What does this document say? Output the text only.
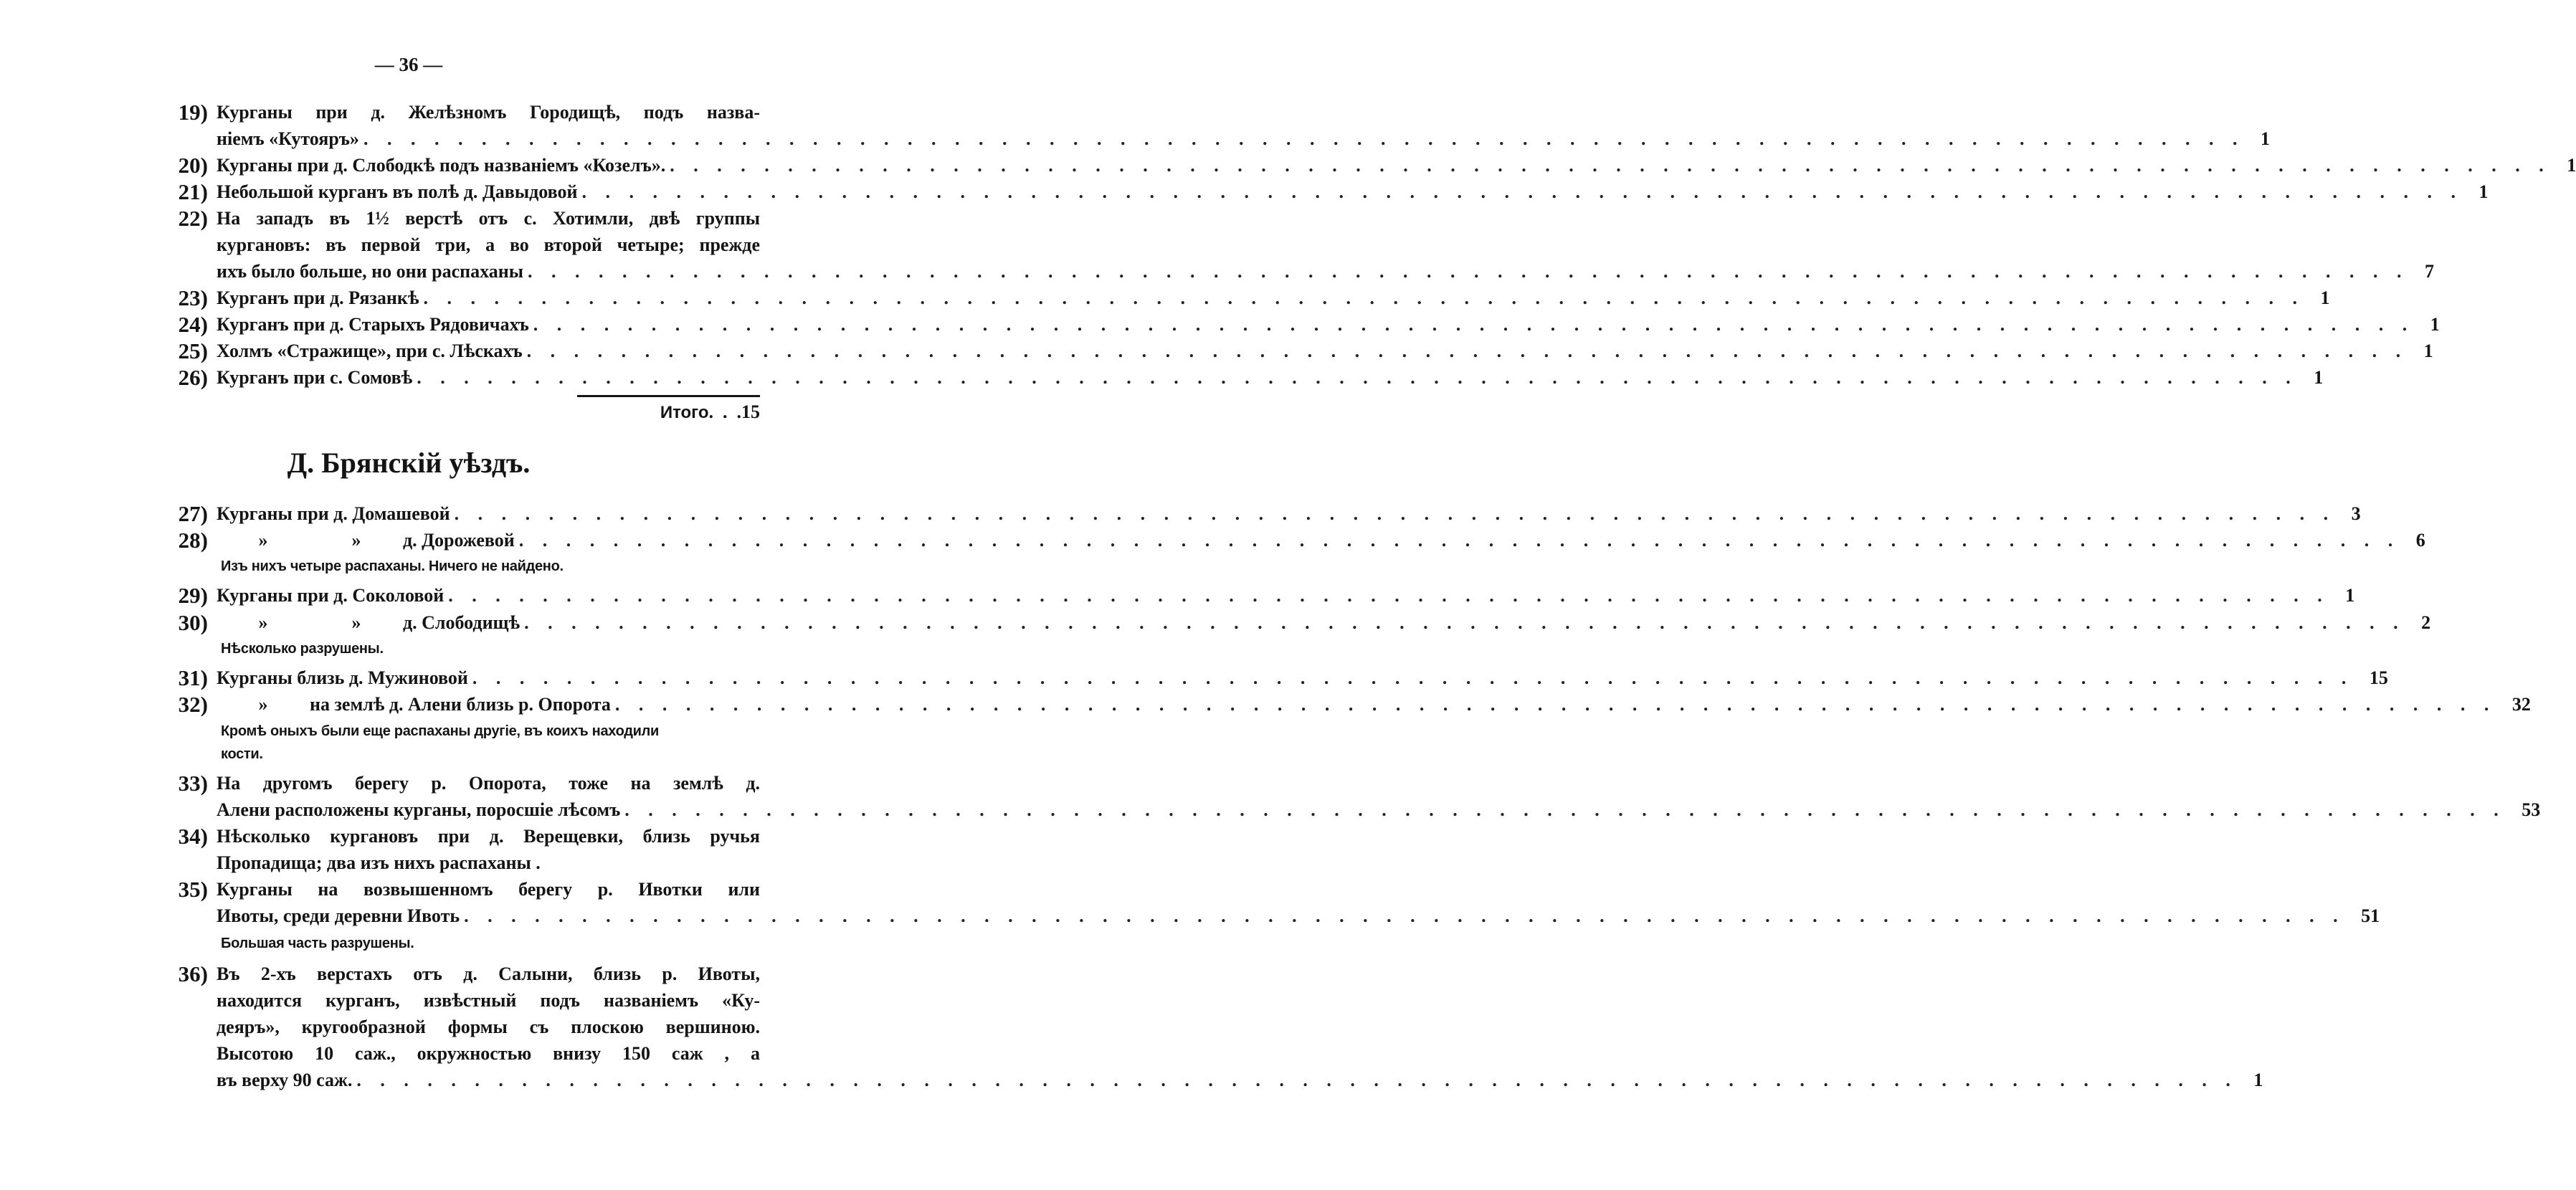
— 36 —
19) Курганы при д. Желѣзномъ Городищѣ, подъ назва-
ніемъ «Кутояръ» . . . . . . . . . . . . . . . . . . . . . . . . . . . . . . . . . . . . . . . . . . . . . . . . . . . . . . . . . . . . . . . . . . . . . . . . . . . . . . . . 1
20) Курганы при д. Слободкѣ подъ названіемъ «Козелъ». . . . . . . . . . . . . . . . . . . . . . . . . . . . . . . . . . . . . . . . . . . . . . . . . . . . . . . . . . . . . . . . . . . . . . . . . . . . . . . . . 1
21) Небольшой курганъ въ полѣ д. Давыдовой . . . . . . . . . . . . . . . . . . . . . . . . . . . . . . . . . . . . . . . . . . . . . . . . . . . . . . . . . . . . . . . . . . . . . . . . . . . . . . . . 1
22) На западъ въ 1½ верстѣ отъ с. Хотимли, двѣ группы
кургановъ: въ первой три, а во второй четыре; прежде
ихъ было больше, но они распаханы . . . . . . . . . . . . . . . . . . . . . . . . . . . . . . . . . . . . . . . . . . . . . . . . . . . . . . . . . . . . . . . . . . . . . . . . . . . . . . . . 7
23) Курганъ при д. Рязанкѣ . . . . . . . . . . . . . . . . . . . . . . . . . . . . . . . . . . . . . . . . . . . . . . . . . . . . . . . . . . . . . . . . . . . . . . . . . . . . . . . . 1
24) Курганъ при д. Старыхъ Рядовичахъ . . . . . . . . . . . . . . . . . . . . . . . . . . . . . . . . . . . . . . . . . . . . . . . . . . . . . . . . . . . . . . . . . . . . . . . . . . . . . . . . 1
25) Холмъ «Стражище», при с. Лѣскахъ . . . . . . . . . . . . . . . . . . . . . . . . . . . . . . . . . . . . . . . . . . . . . . . . . . . . . . . . . . . . . . . . . . . . . . . . . . . . . . . . 1
26) Курганъ при с. Сомовѣ . . . . . . . . . . . . . . . . . . . . . . . . . . . . . . . . . . . . . . . . . . . . . . . . . . . . . . . . . . . . . . . . . . . . . . . . . . . . . . . . 1
Итого.  .  .15
Д. Брянскій уѣздъ.
27) Курганы при д. Домашевой . . . . . . . . . . . . . . . . . . . . . . . . . . . . . . . . . . . . . . . . . . . . . . . . . . . . . . . . . . . . . . . . . . . . . . . . . . . . . . . . 3
28)	»	» д. Дорожевой . . . . . . . . . . . . . . . . . . . . . . . . . . . . . . . . . . . . . . . . . . . . . . . . . . . . . . . . . . . . . . . . . . . . . . . . . . . . . . . . 6
Изъ нихъ четыре распаханы. Ничего не найдено.
29) Курганы при д. Соколовой . . . . . . . . . . . . . . . . . . . . . . . . . . . . . . . . . . . . . . . . . . . . . . . . . . . . . . . . . . . . . . . . . . . . . . . . . . . . . . . . 1
30)	»	» д. Слободищѣ . . . . . . . . . . . . . . . . . . . . . . . . . . . . . . . . . . . . . . . . . . . . . . . . . . . . . . . . . . . . . . . . . . . . . . . . . . . . . . . . 2
Нѣсколько разрушены.
31) Курганы близь д. Мужиновой . . . . . . . . . . . . . . . . . . . . . . . . . . . . . . . . . . . . . . . . . . . . . . . . . . . . . . . . . . . . . . . . . . . . . . . . . . . . . . . . 15
32)	» на землѣ д. Алени близь р. Опорота . . . . . . . . . . . . . . . . . . . . . . . . . . . . . . . . . . . . . . . . . . . . . . . . . . . . . . . . . . . . . . . . . . . . . . . . . . . . . . . . 32
Кромѣ оныхъ были еще распаханы другіе, въ коихъ находили
кости.
33) На другомъ берегу р. Опорота, тоже на землѣ д.
Алени расположены курганы, поросшіе лѣсомъ . . . . . . . . . . . . . . . . . . . . . . . . . . . . . . . . . . . . . . . . . . . . . . . . . . . . . . . . . . . . . . . . . . . . . . . . . . . . . . . . 53
34) Нѣсколько кургановъ при д. Верещевки, близь ручья
Пропадища; два изъ нихъ распаханы .
35) Курганы на возвышенномъ берегу р. Ивотки или
Ивоты, среди деревни Ивоть . . . . . . . . . . . . . . . . . . . . . . . . . . . . . . . . . . . . . . . . . . . . . . . . . . . . . . . . . . . . . . . . . . . . . . . . . . . . . . . . 51
Большая часть разрушены.
36) Въ 2-хъ верстахъ отъ д. Салыни, близь р. Ивоты,
находится курганъ, извѣстный подъ названіемъ «Ку-
деяръ», кругообразной формы съ плоскою вершиною.
Высотою 10 саж., окружностью внизу 150 саж , а
въ верху 90 саж. . . . . . . . . . . . . . . . . . . . . . . . . . . . . . . . . . . . . . . . . . . . . . . . . . . . . . . . . . . . . . . . . . . . . . . . . . . . . . . . . 1
